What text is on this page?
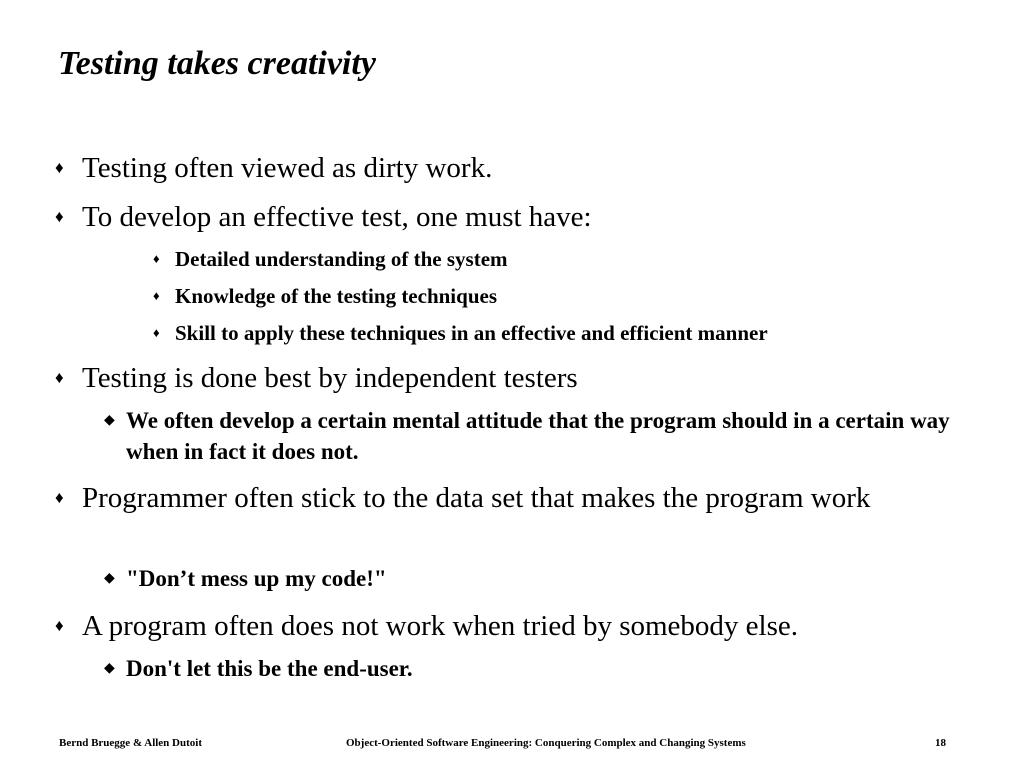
Testing takes creativity
♦ Testing often viewed as dirty work.
♦ To develop an effective test, one must have:
♦ Detailed understanding of the system
♦ Knowledge of the testing techniques
♦ Skill to apply these techniques in an effective and efficient manner
♦ Testing is done best by independent testers
◆ We often develop a certain mental attitude that the program should in a certain way when in fact it does not.
♦ Programmer often stick to the data set that makes the program work
◆ "Don’t mess up my code!"
♦ A program often does not work when tried by somebody else.
◆ Don't let this be the end-user.
Bernd Bruegge & Allen Dutoit	Object-Oriented Software Engineering: Conquering Complex and Changing Systems	18
